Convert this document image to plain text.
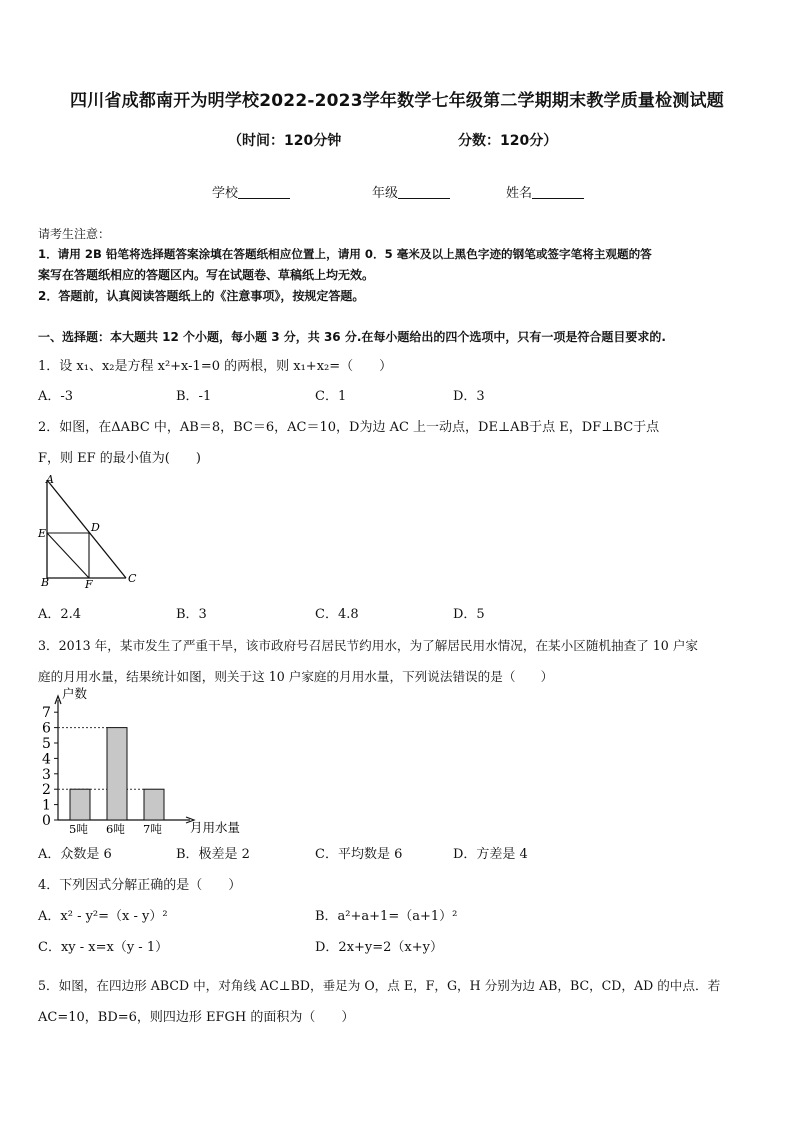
四川省成都南开为明学校2022-2023学年数学七年级第二学期期末教学质量检测试题
（时间：120分钟	分数：120分）
学校	年级	姓名
请考生注意：
1．请用 2B 铅笔将选择题答案涂填在答题纸相应位置上，请用 0．5 毫米及以上黑色字迹的钢笔或签字笔将主观题的答
案写在答题纸相应的答题区内。写在试题卷、草稿纸上均无效。
2．答题前，认真阅读答题纸上的《注意事项》，按规定答题。
一、选择题：本大题共 12 个小题，每小题 3 分，共 36 分.在每小题给出的四个选项中，只有一项是符合题目要求的.
1．设 x₁、x₂是方程 x²+x-1=0 的两根，则 x₁+x₂=（　　）
A．-3	B．-1	C．1	D．3
2．如图，在ΔABC 中，AB＝8，BC＝6，AC＝10，D为边 AC 上一动点，DE⊥AB于点 E，DF⊥BC于点
F，则 EF 的最小值为(　　)
A
E	D
B	F	C
A．2.4	B．3	C．4.8	D．5
3．2013 年，某市发生了严重干旱，该市政府号召居民节约用水，为了解居民用水情况，在某小区随机抽查了 10 户家
庭的月用水量，结果统计如图，则关于这 10 户家庭的月用水量，下列说法错误的是（　　）
户数
月用水量
0
1
2
3
4
5
6
7
5吨 6吨 7吨
A．众数是 6	B．极差是 2	C．平均数是 6	D．方差是 4
4．下列因式分解正确的是（　　）
A．x² - y²=（x - y）²	B．a²+a+1=（a+1）²
C．xy - x=x（y - 1）	D．2x+y=2（x+y）
5．如图，在四边形 ABCD 中，对角线 AC⊥BD，垂足为 O，点 E，F，G，H 分别为边 AB，BC，CD，AD 的中点．若
AC=10，BD=6，则四边形 EFGH 的面积为（　　）
